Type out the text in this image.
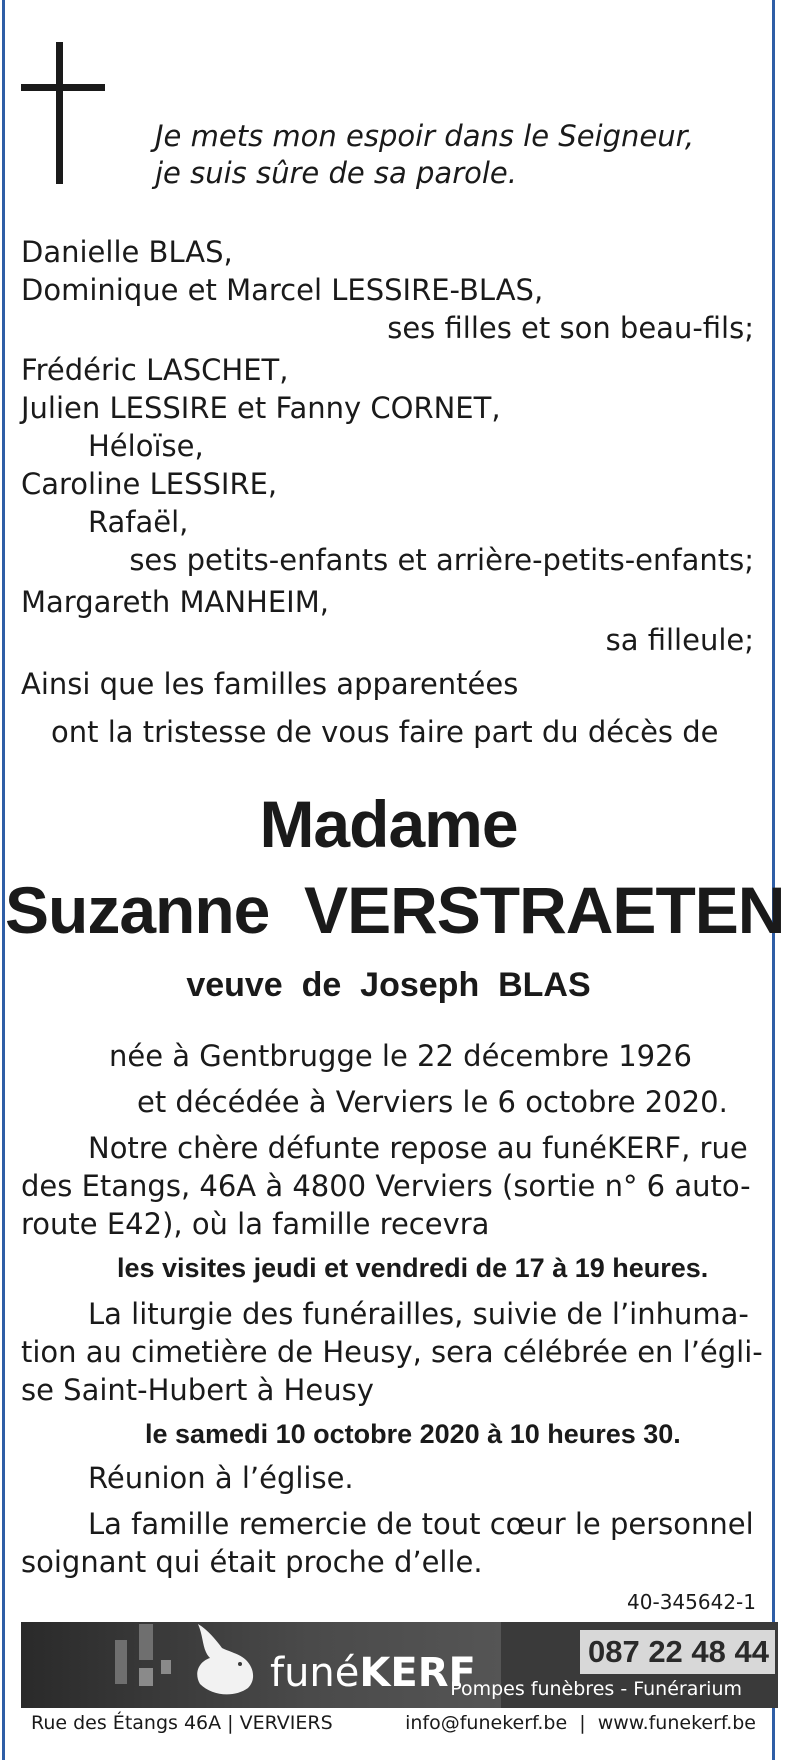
Je mets mon espoir dans le Seigneur,
je suis sûre de sa parole.
Danielle BLAS,
Dominique et Marcel LESSIRE-BLAS,
ses filles et son beau-fils;
Frédéric LASCHET,
Julien LESSIRE et Fanny CORNET,
Héloïse,
Caroline LESSIRE,
Rafaël,
ses petits-enfants et arrière-petits-enfants;
Margareth MANHEIM,
sa filleule;
Ainsi que les familles apparentées
ont la tristesse de vous faire part du décès de
Madame
Suzanne  VERSTRAETEN
veuve  de  Joseph  BLAS
née à Gentbrugge le 22 décembre 1926
et décédée à Verviers le 6 octobre 2020.
Notre chère défunte repose au funéKERF, rue
des Etangs, 46A à 4800 Verviers (sortie n° 6 auto-
route E42), où la famille recevra
les visites jeudi et vendredi de 17 à 19 heures.
La liturgie des funérailles, suivie de l’inhuma-
tion au cimetière de Heusy, sera célébrée en l’égli-
se Saint-Hubert à Heusy
le samedi 10 octobre 2020 à 10 heures 30.
Réunion à l’église.
La famille remercie de tout cœur le personnel
soignant qui était proche d’elle.
40-345642-1
funéKERF	087 22 48 44
Pompes funèbres - Funérarium
Rue des Étangs 46A | VERVIERS	info@funekerf.be  |  www.funekerf.be
